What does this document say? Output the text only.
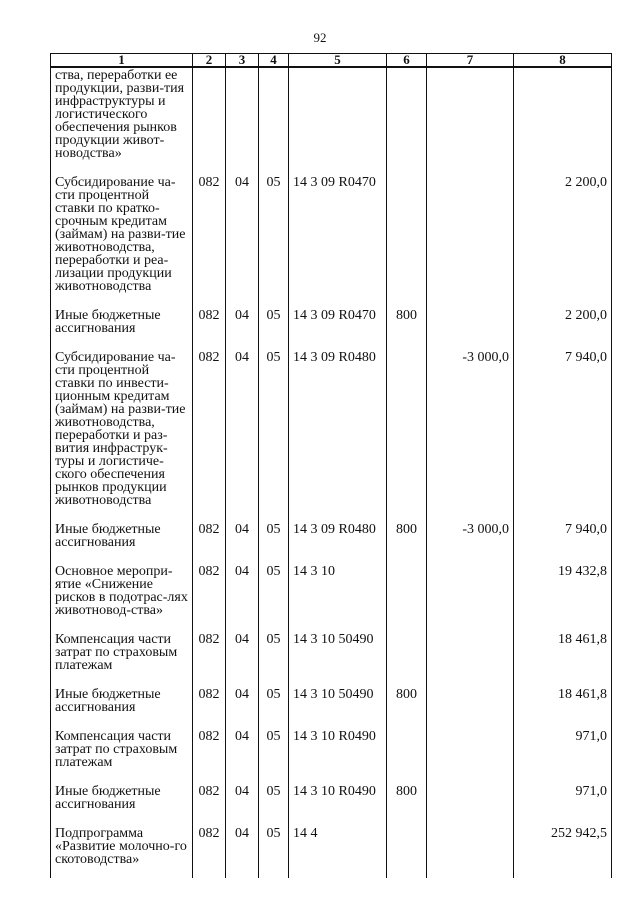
92
1	2	3	4	5	6	7	8
ства, переработки ее продукции, разви-тия инфраструктуры и логистического обеспечения рынков продукции живот-новодства»							
Субсидирование ча-сти процентной ставки по кратко-срочным кредитам (займам) на разви-тие животноводства, переработки и реа-лизации продукции животноводства	082	04	05	14 3 09 R0470			2 200,0
Иные бюджетные ассигнования	082	04	05	14 3 09 R0470	800		2 200,0
Субсидирование ча-сти процентной ставки по инвести-ционным кредитам (займам) на разви-тие животноводства, переработки и раз-вития инфраструк-туры и логистиче-ского обеспечения рынков продукции животноводства	082	04	05	14 3 09 R0480		-3 000,0	7 940,0
Иные бюджетные ассигнования	082	04	05	14 3 09 R0480	800	-3 000,0	7 940,0
Основное меропри-ятие «Снижение рисков в подотрас-лях животновод-ства»	082	04	05	14 3 10			19 432,8
Компенсация части затрат по страховым платежам	082	04	05	14 3 10 50490			18 461,8
Иные бюджетные ассигнования	082	04	05	14 3 10 50490	800		18 461,8
Компенсация части затрат по страховым платежам	082	04	05	14 3 10 R0490			971,0
Иные бюджетные ассигнования	082	04	05	14 3 10 R0490	800		971,0
Подпрограмма «Развитие молочно-го скотоводства»	082	04	05	14 4			252 942,5
